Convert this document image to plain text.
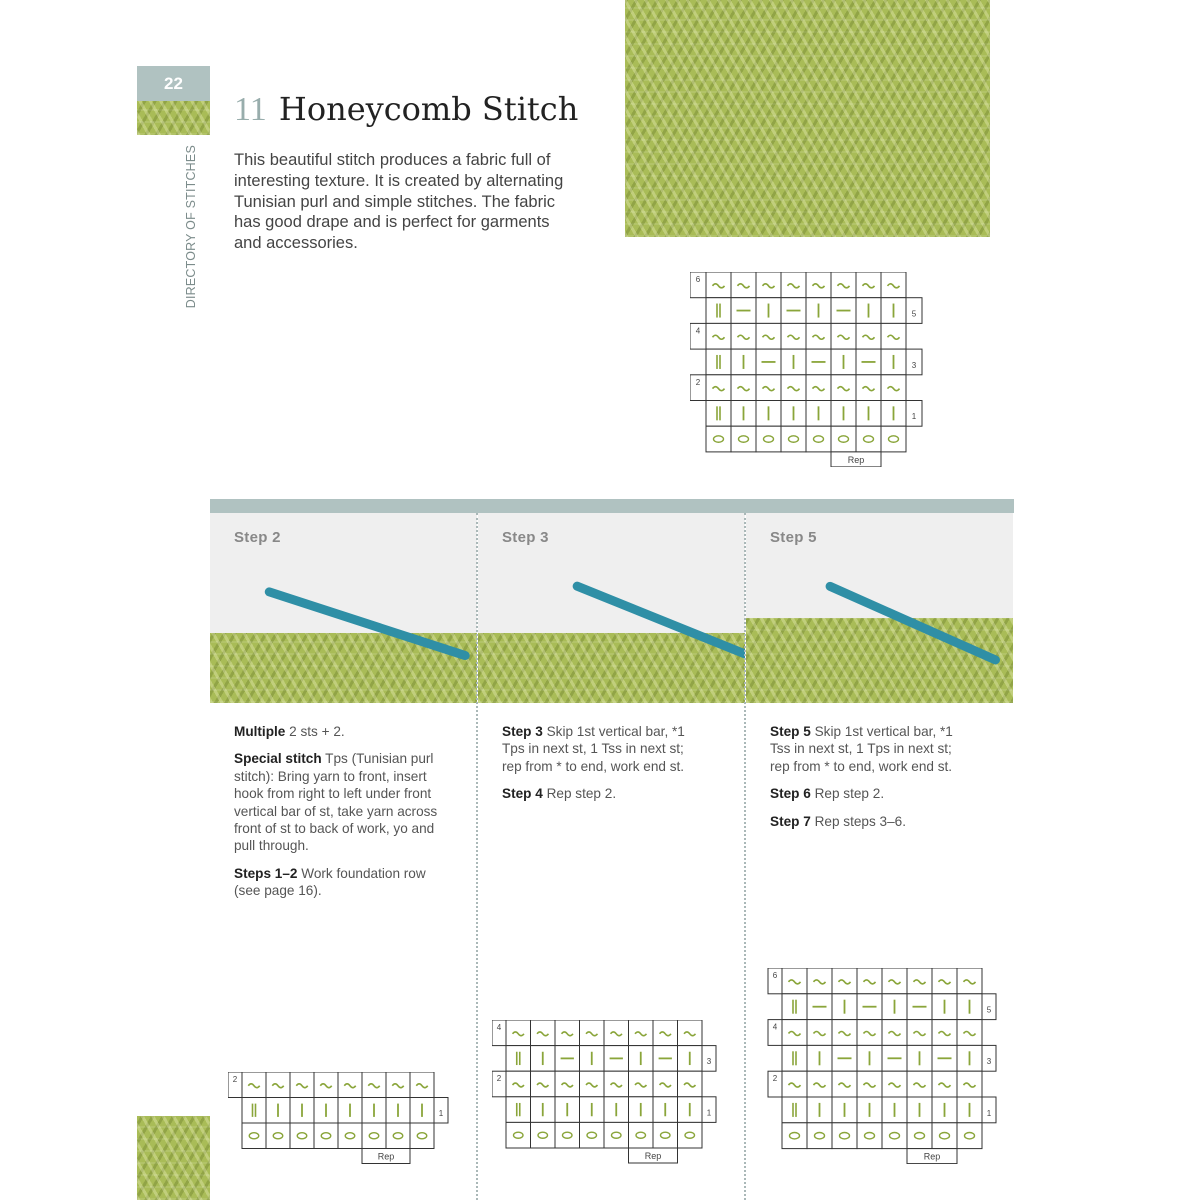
22
DIRECTORY OF STITCHES
11 Honeycomb Stitch
This beautiful stitch produces a fabric full of interesting texture. It is created by alternating Tunisian purl and simple stitches. The fabric has good drape and is perfect for garments and accessories.
6
5
4
3
2
1
Rep
Step 2

Multiple 2 sts + 2.

Special stitch Tps (Tunisian purl stitch): Bring yarn to front, insert hook from right to left under front vertical bar of st, take yarn across front of st to back of work, yo and pull through.

Steps 1–2 Work foundation row (see page 16).

Step 3

Step 3 Skip 1st vertical bar, *1 Tps in next st, 1 Tss in next st; rep from * to end, work end st.

Step 4 Rep step 2.

Step 5

Step 5 Skip 1st vertical bar, *1 Tss in next st, 1 Tps in next st; rep from * to end, work end st.

Step 6 Rep step 2.

Step 7 Rep steps 3–6.

2
1
Rep
4
3
2
1
Rep
6
5
4
3
2
1
Rep
